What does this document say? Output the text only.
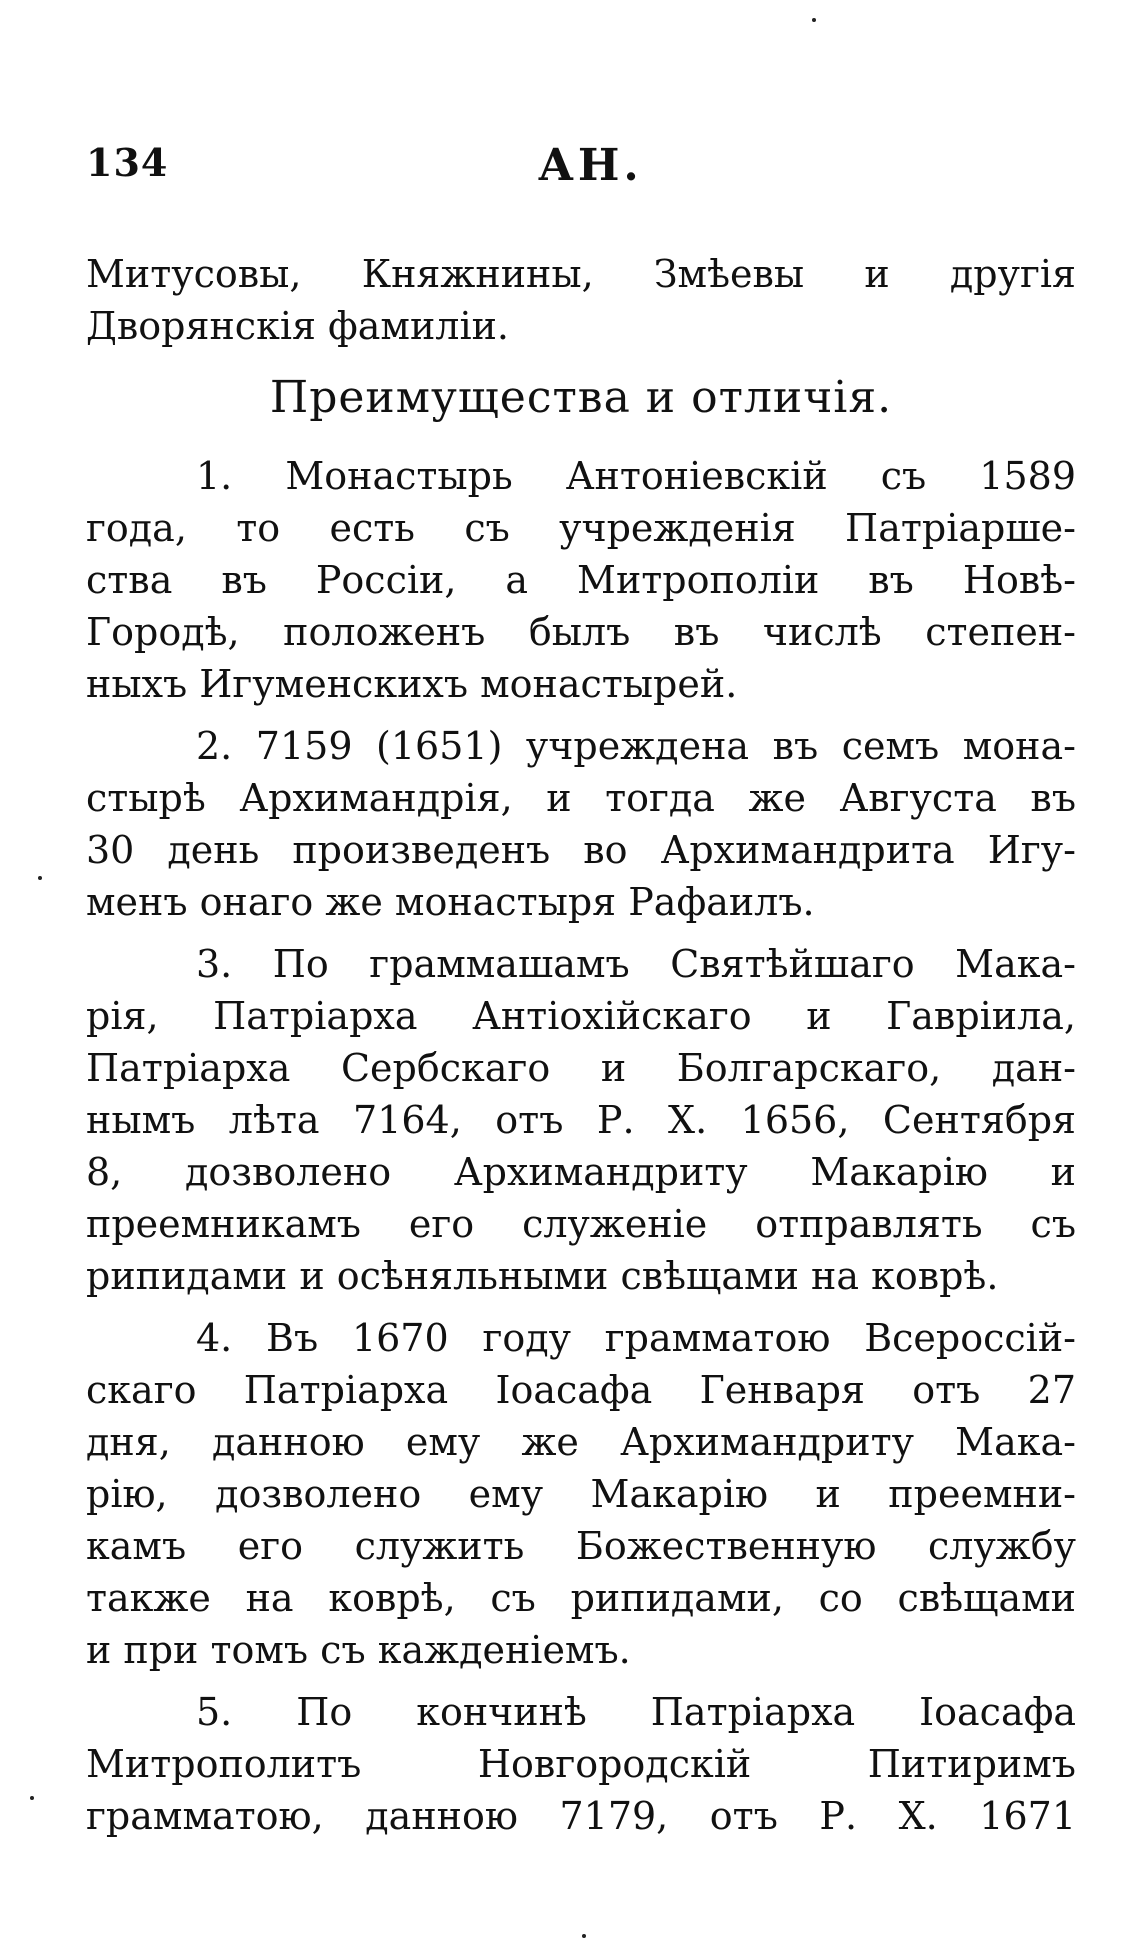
134	АН.
Митусовы, Княжнины, Змѣевы и другія
Дворянскія фамиліи.
Преимущества и отличія.
1. Монастырь Антоніевскій съ 1589
года, то есть съ учрежденія Патріарше-
ства въ Россіи, а Митрополіи въ Новѣ-
Городѣ, положенъ былъ въ числѣ степен-
ныхъ Игуменскихъ монастырей.
2. 7159 (1651) учреждена въ семъ мона-
стырѣ Архимандрія, и тогда же Августа въ
30 день произведенъ во Архимандрита Игу-
менъ онаго же монастыря Рафаилъ.
3. По граммашамъ Святѣйшаго Мака-
рія, Патріарха Антіохійскаго и Гавріила,
Патріарха Сербскаго и Болгарскаго, дан-
нымъ лѣта 7164, отъ Р. Х. 1656, Сентября
8, дозволено Архимандриту Макарію и
преемникамъ его служеніе отправлять съ
рипидами и осѣняльными свѣщами на коврѣ.
4. Въ 1670 году грамматою Всероссій-
скаго Патріарха Іоасафа Генваря отъ 27
дня, данною ему же Архимандриту Мака-
рію, дозволено ему Макарію и преемни-
камъ его служить Божественную службу
также на коврѣ, съ рипидами, со свѣщами
и при томъ съ кажденіемъ.
5. По кончинѣ Патріарха Іоасафа
Митрополитъ Новгородскій Питиримъ
грамматою, данною 7179, отъ Р. Х. 1671
